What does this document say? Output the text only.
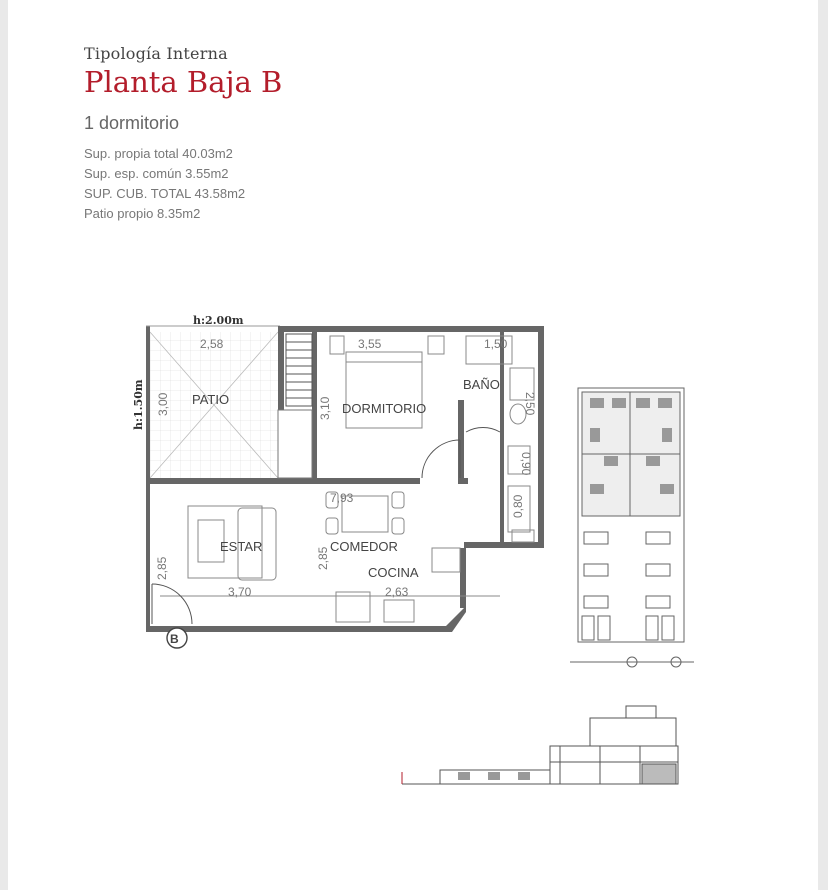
Tipología Interna
Planta Baja B
1 dormitorio
Sup. propia total 40.03m2
Sup. esp. común 3.55m2
SUP. CUB. TOTAL 43.58m2
Patio propio 8.35m2
PATIO
DORMITORIO
BAÑO
ESTAR	COMEDOR
COCINA
B
h:2.00m
2,58	3,55	1,50
7,93
3,70	2,63
h:1.50m 3,00	3,10	2,50
2,85	2,85
0,90
0,80
